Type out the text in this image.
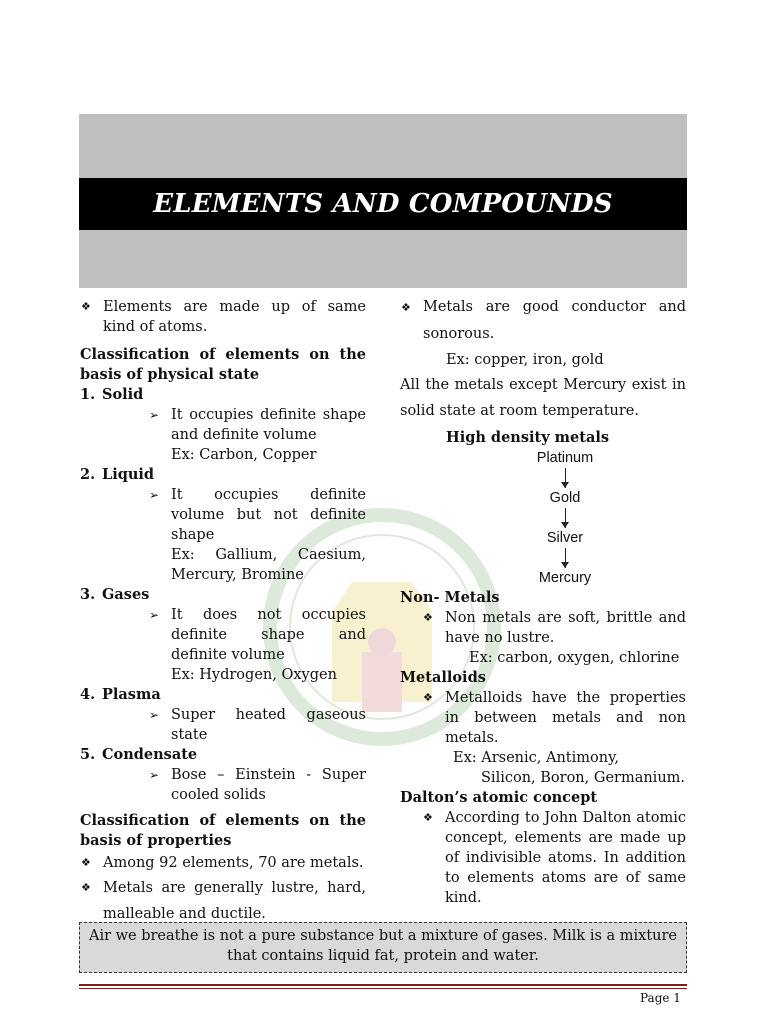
ELEMENTS AND COMPOUNDS
❖ Elements are made up of same kind of atoms.
Classification of elements on the basis of physical state
1. Solid
➢ It occupies definite shape and definite volume
Ex: Carbon, Copper
2. Liquid
➢ It occupies definite volume but not definite shape
Ex: Gallium, Caesium, Mercury, Bromine
3. Gases
➢ It does not occupies definite shape and definite volume
Ex: Hydrogen, Oxygen
4. Plasma
➢ Super heated gaseous state
5. Condensate
➢ Bose – Einstein - Super cooled solids
Classification of elements on the basis of properties
❖ Among 92 elements, 70 are metals.
❖ Metals are generally lustre, hard, malleable and ductile.
❖ Metals are good conductor and sonorous.
Ex: copper, iron, gold
All the metals except Mercury exist in solid state at room temperature.
High density metals
Platinum
Gold
Silver
Mercury
Non- Metals
❖ Non metals are soft, brittle and have no lustre.
Ex: carbon, oxygen, chlorine
Metalloids
❖ Metalloids have the properties in between metals and non metals.
Ex: Arsenic, Antimony,
Silicon, Boron, Germanium.
Dalton’s atomic concept
❖ According to John Dalton atomic concept, elements are made up of indivisible atoms. In addition to elements atoms are of same kind.
Air we breathe is not a pure substance but a mixture of gases. Milk is a mixture that contains liquid fat, protein and water.
Page 1
